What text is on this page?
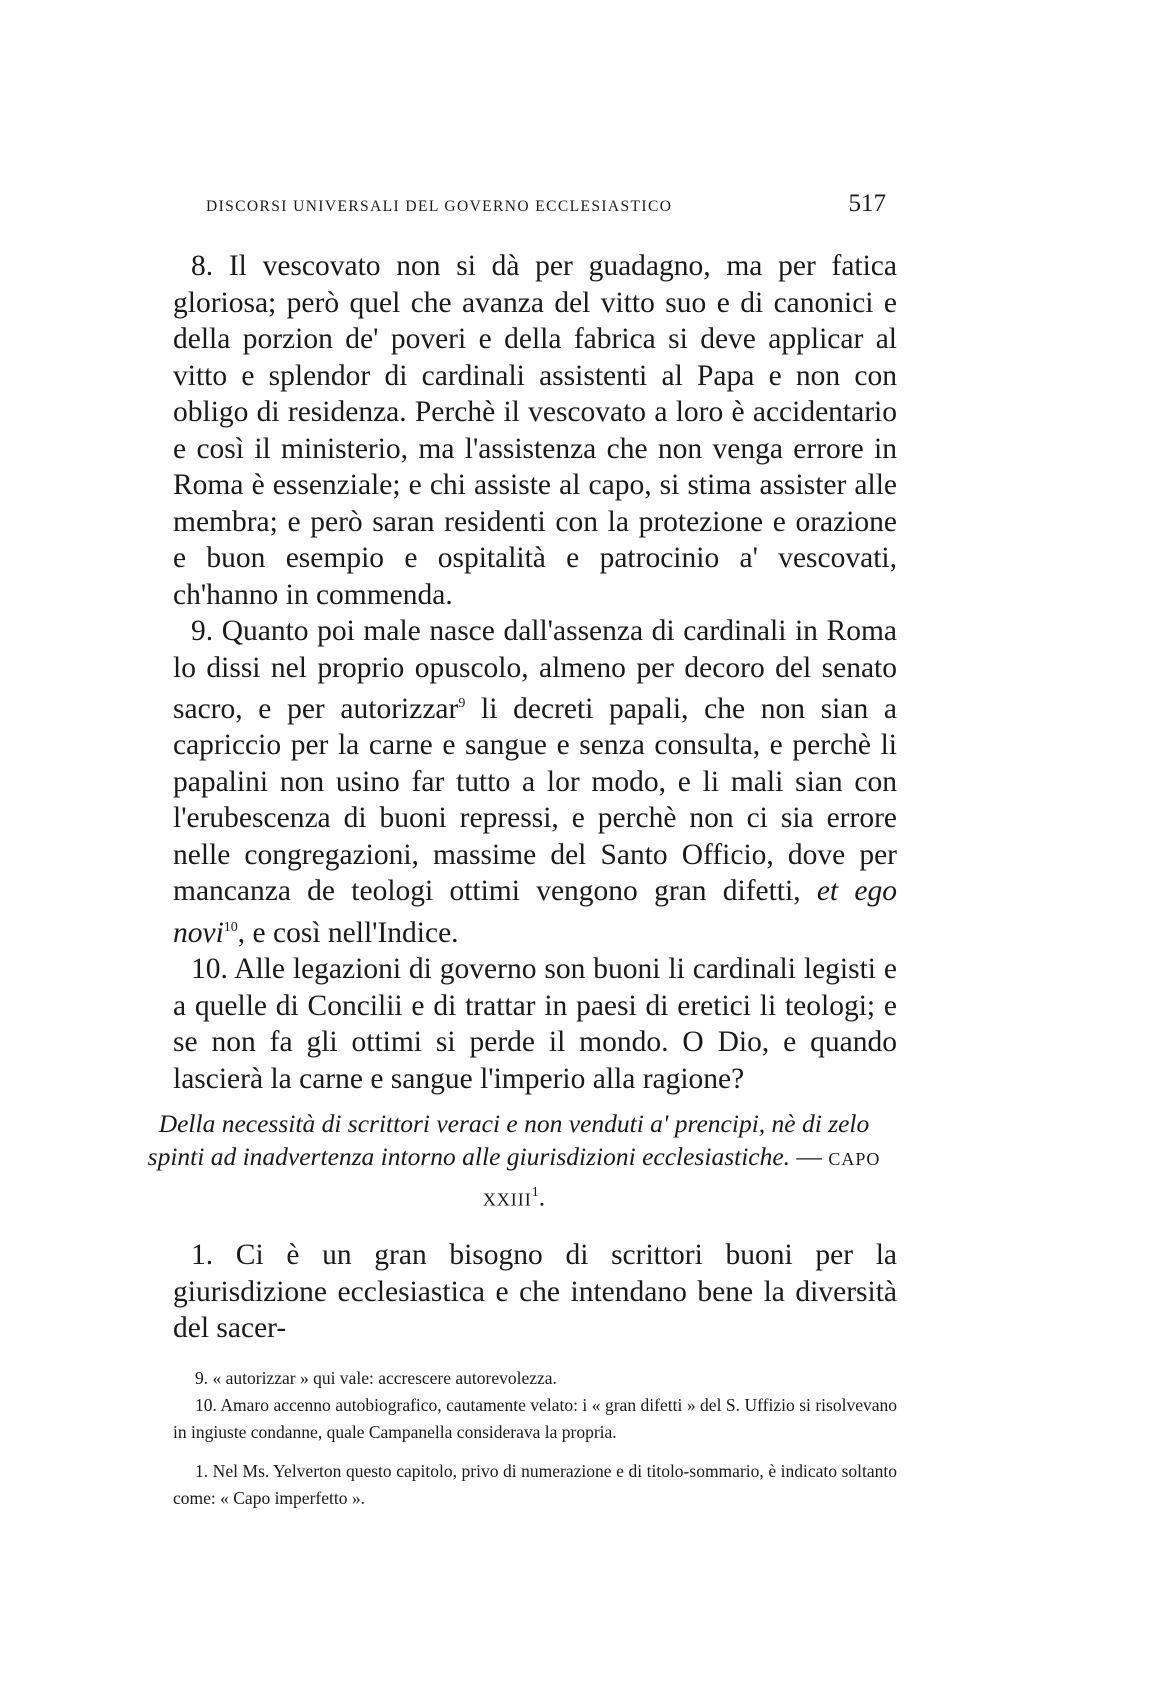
DISCORSI UNIVERSALI DEL GOVERNO ECCLESIASTICO	517

8. Il vescovato non si dà per guadagno, ma per fatica gloriosa; però quel che avanza del vitto suo e di canonici e della porzion de' poveri e della fabrica si deve applicar al vitto e splendor di cardinali assistenti al Papa e non con obligo di residenza. Perchè il vescovato a loro è accidentario e così il ministerio, ma l'assistenza che non venga errore in Roma è essenziale; e chi assiste al capo, si stima assister alle membra; e però saran residenti con la protezione e orazione e buon esempio e ospitalità e patrocinio a' vescovati, ch'hanno in commenda.

9. Quanto poi male nasce dall'assenza di cardinali in Roma lo dissi nel proprio opuscolo, almeno per decoro del senato sacro, e per autorizzar$^9$ li decreti papali, che non sian a capriccio per la carne e sangue e senza consulta, e perchè li papalini non usino far tutto a lor modo, e li mali sian con l'erubescenza di buoni repressi, e perchè non ci sia errore nelle congregazioni, massime del Santo Officio, dove per mancanza de teologi ottimi vengono gran difetti, et ego novi$^{10}$, e così nell'Indice.

10. Alle legazioni di governo son buoni li cardinali legisti e a quelle di Concilii e di trattar in paesi di eretici li teologi; e se non fa gli ottimi si perde il mondo. O Dio, e quando lascierà la carne e sangue l'imperio alla ragione?

Della necessità di scrittori veraci e non venduti a' prencipi, nè di zelo spinti ad inadvertenza intorno alle giurisdizioni ecclesiastiche. — CAPO XXIII$^1$.

1. Ci è un gran bisogno di scrittori buoni per la giurisdizione ecclesiastica e che intendano bene la diversità del sacer-

9. « autorizzar » qui vale: accrescere autorevolezza.

10. Amaro accenno autobiografico, cautamente velato: i « gran difetti » del S. Uffizio si risolvevano in ingiuste condanne, quale Campanella considerava la propria.

1. Nel Ms. Yelverton questo capitolo, privo di numerazione e di titolo-sommario, è indicato soltanto come: « Capo imperfetto ».
